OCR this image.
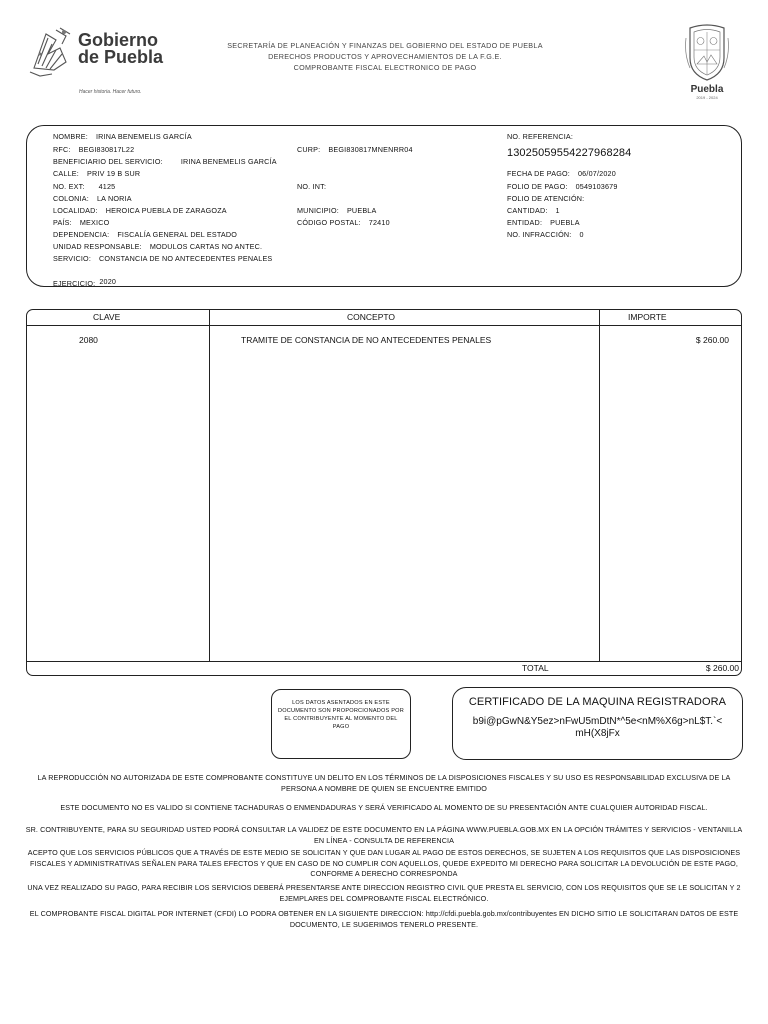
Gobierno
de Puebla
Hacer historia. Hacer futuro.
SECRETARÍA DE PLANEACIÓN Y FINANZAS DEL GOBIERNO DEL ESTADO DE PUEBLA
DERECHOS PRODUCTOS Y APROVECHAMIENTOS DE LA F.G.E.
COMPROBANTE FISCAL ELECTRONICO DE PAGO
Puebla
2019 - 2024
NOMBRE: IRINA BENEMELIS GARCÍA
RFC: BEGI830817L22	CURP: BEGI830817MNENRR04
BENEFICIARIO DEL SERVICIO:	IRINA BENEMELIS GARCÍA
CALLE: PRIV 19 B SUR
NO. EXT: 4125	NO. INT:
COLONIA: LA NORIA
LOCALIDAD: HEROICA PUEBLA DE ZARAGOZA	MUNICIPIO: PUEBLA
PAÍS: MEXICO	CÓDIGO POSTAL: 72410
DEPENDENCIA: FISCALÍA GENERAL DEL ESTADO
UNIDAD RESPONSABLE: MODULOS CARTAS NO ANTEC.
SERVICIO: CONSTANCIA DE NO ANTECEDENTES PENALES
EJERCICIO: 2020
NO. REFERENCIA:
13025059554227968284
FECHA DE PAGO: 06/07/2020
FOLIO DE PAGO: 0549103679
FOLIO DE ATENCIÓN:
CANTIDAD: 1
ENTIDAD: PUEBLA
NO. INFRACCIÓN: 0
CLAVE	CONCEPTO	IMPORTE
2080	TRAMITE DE CONSTANCIA DE NO ANTECEDENTES PENALES	$ 260.00
TOTAL	$ 260.00
LOS DATOS ASENTADOS EN ESTE DOCUMENTO SON PROPORCIONADOS POR EL CONTRIBUYENTE AL MOMENTO DEL PAGO
CERTIFICADO DE LA MAQUINA REGISTRADORA
b9i@pGwN&Y5ez>nFwU5mDtN*^5e<nM%X6g>nL$T.`< mH(X8jFx
LA REPRODUCCIÓN NO AUTORIZADA DE ESTE COMPROBANTE CONSTITUYE UN DELITO EN LOS TÉRMINOS DE LA DISPOSICIONES FISCALES Y SU USO ES RESPONSABILIDAD EXCLUSIVA DE LA PERSONA A NOMBRE DE QUIEN SE ENCUENTRE EMITIDO
ESTE DOCUMENTO NO ES VALIDO SI CONTIENE TACHADURAS O ENMENDADURAS Y SERÁ VERIFICADO AL MOMENTO DE SU PRESENTACIÓN ANTE CUALQUIER AUTORIDAD FISCAL.
SR. CONTRIBUYENTE, PARA SU SEGURIDAD USTED PODRÁ CONSULTAR LA VALIDEZ DE ESTE DOCUMENTO EN LA PÁGINA WWW.PUEBLA.GOB.MX EN LA OPCIÓN TRÁMITES Y SERVICIOS - VENTANILLA EN LÍNEA - CONSULTA DE REFERENCIA
ACEPTO QUE LOS SERVICIOS PÚBLICOS QUE A TRAVÉS DE ESTE MEDIO SE SOLICITAN Y QUE DAN LUGAR AL PAGO DE ESTOS DERECHOS, SE SUJETEN A LOS REQUISITOS QUE LAS DISPOSICIONES FISCALES Y ADMINISTRATIVAS SEÑALEN PARA TALES EFECTOS Y QUE EN CASO DE NO CUMPLIR CON AQUELLOS, QUEDE EXPEDITO MI DERECHO PARA SOLICITAR LA DEVOLUCIÓN DE ESTE PAGO, CONFORME A DERECHO CORRESPONDA
UNA VEZ REALIZADO SU PAGO, PARA RECIBIR LOS SERVICIOS DEBERÁ PRESENTARSE ANTE DIRECCION REGISTRO CIVIL QUE PRESTA EL SERVICIO, CON LOS REQUISITOS QUE SE LE SOLICITAN Y 2 EJEMPLARES DEL COMPROBANTE FISCAL ELECTRÓNICO.
EL COMPROBANTE FISCAL DIGITAL POR INTERNET (CFDI) LO PODRA OBTENER EN LA SIGUIENTE DIRECCION: http://cfdi.puebla.gob.mx/contribuyentes EN DICHO SITIO LE SOLICITARAN DATOS DE ESTE DOCUMENTO, LE SUGERIMOS TENERLO PRESENTE.
